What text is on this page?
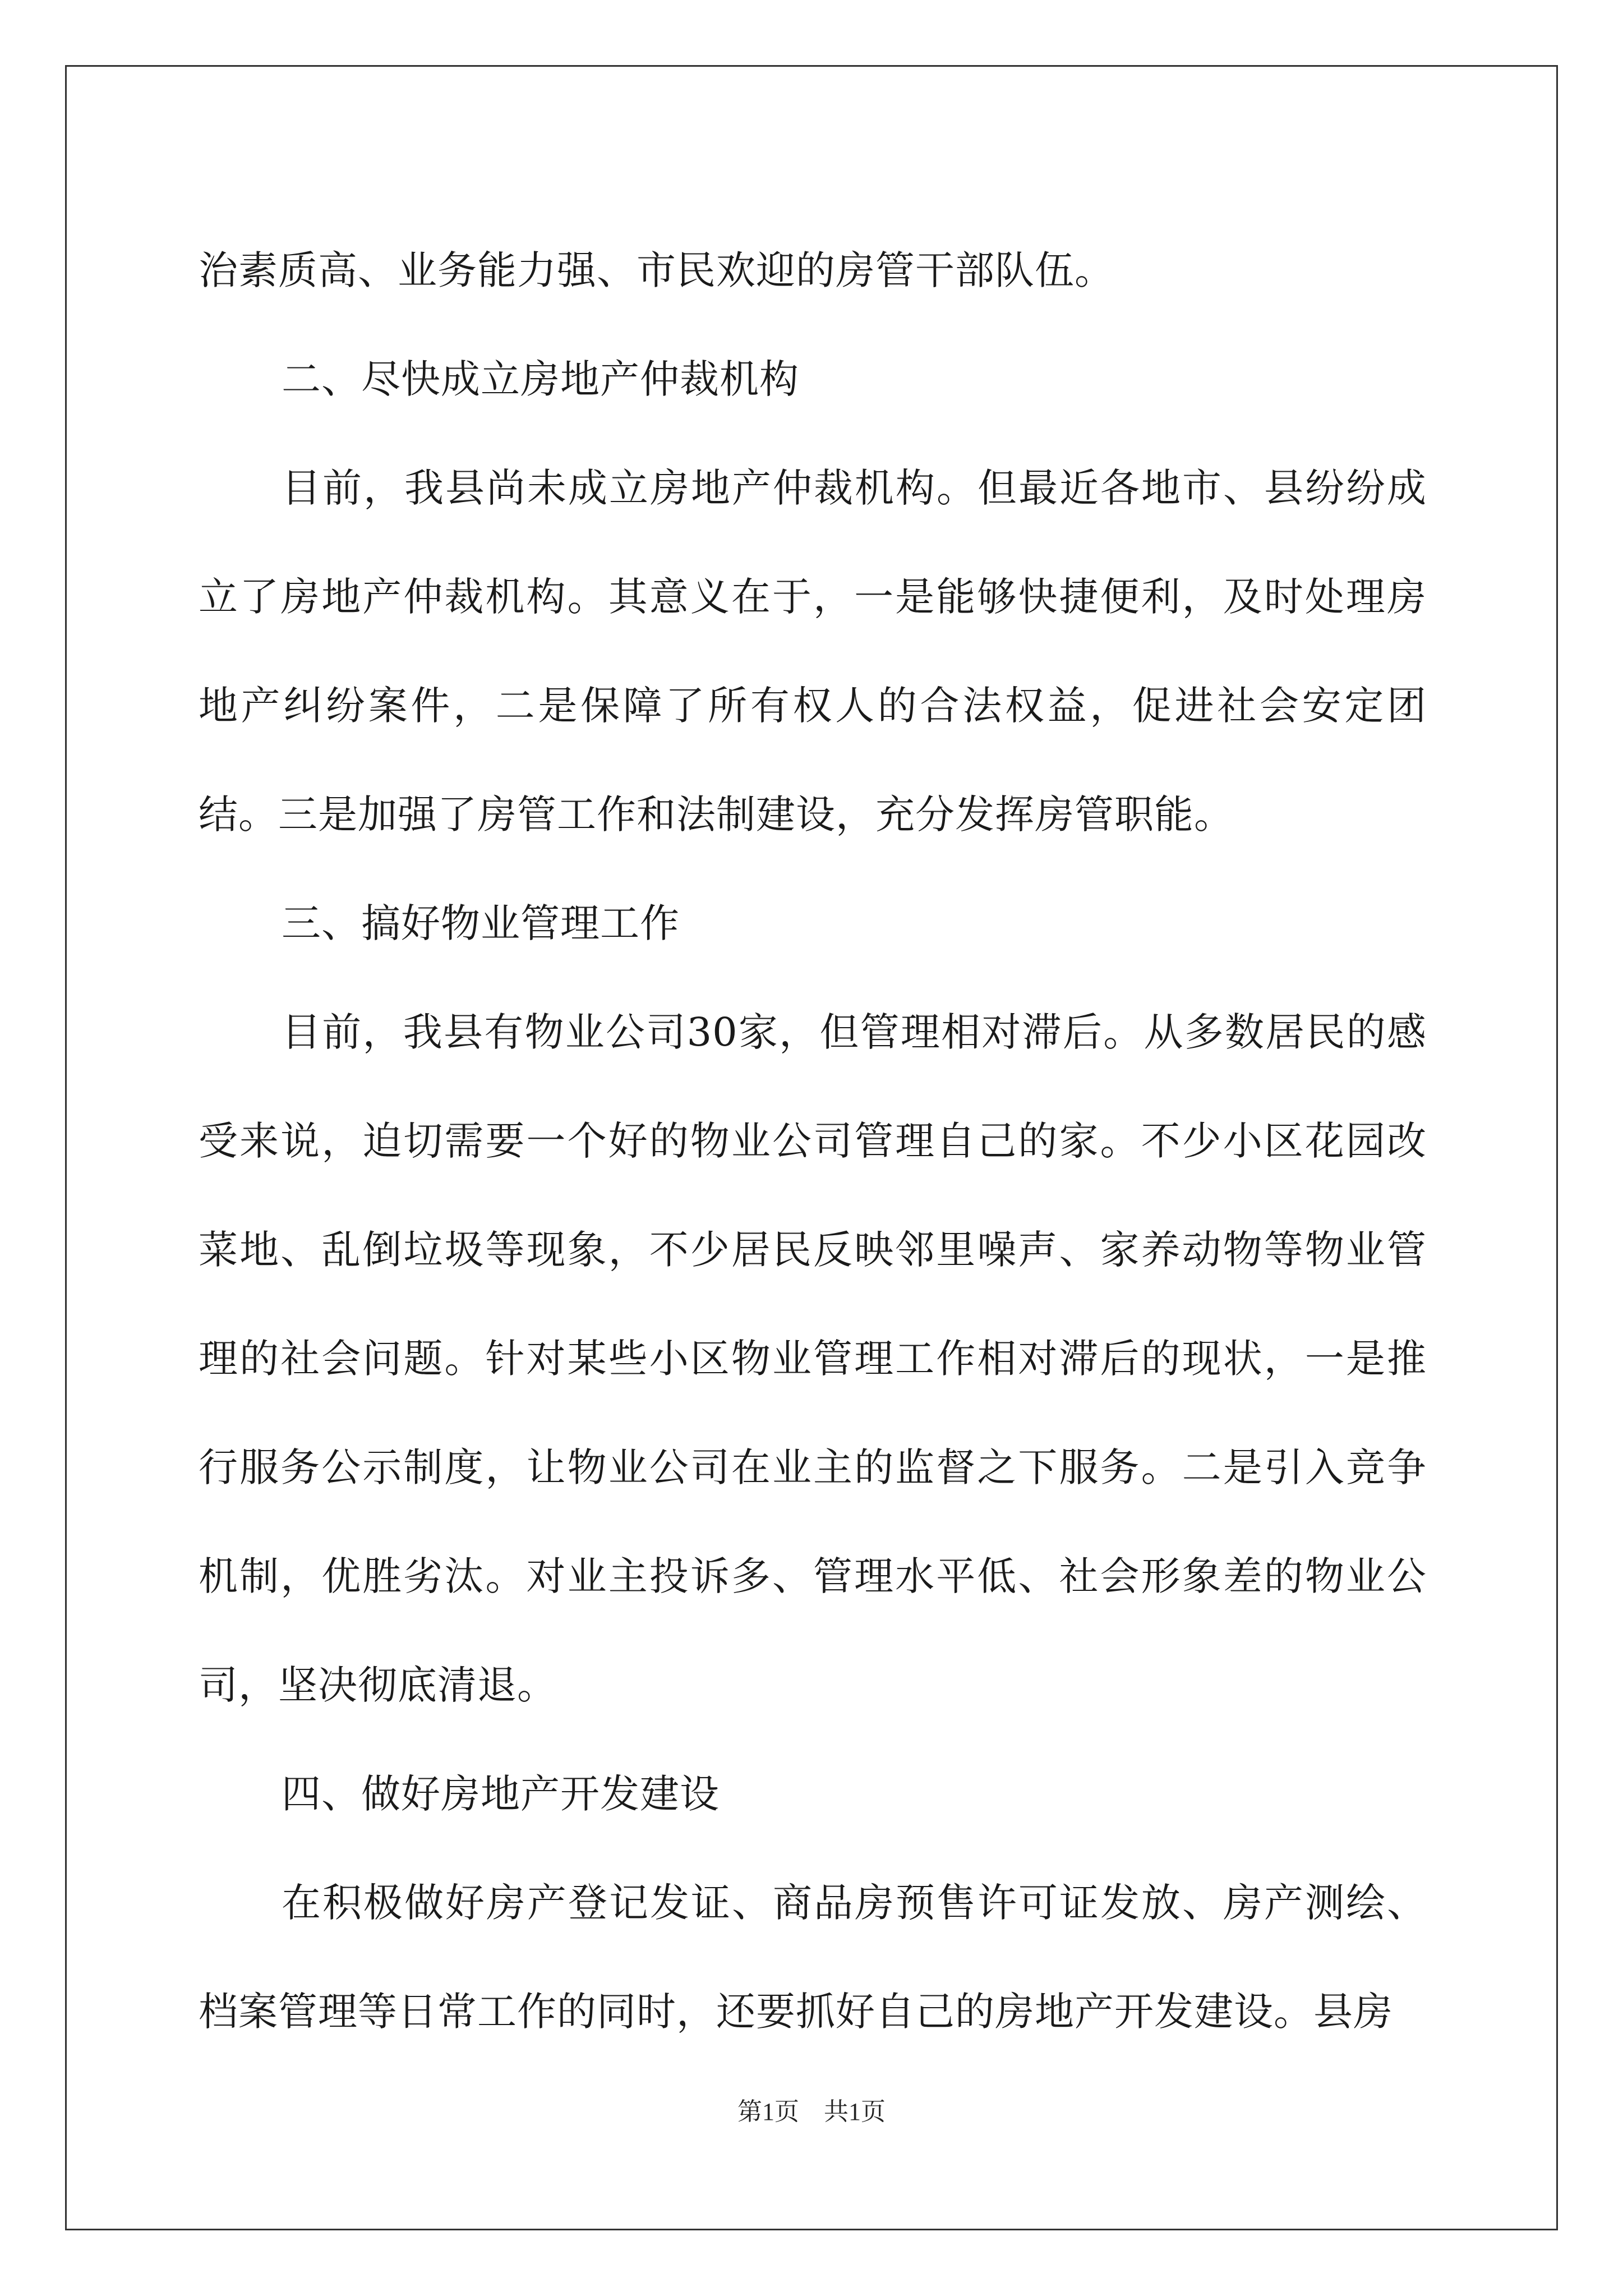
治素质高、业务能力强、市民欢迎的房管干部队伍。

二、尽快成立房地产仲裁机构

目前，我县尚未成立房地产仲裁机构。但最近各地市、县纷纷成立了房地产仲裁机构。其意义在于，一是能够快捷便利，及时处理房地产纠纷案件，二是保障了所有权人的合法权益，促进社会安定团结。三是加强了房管工作和法制建设，充分发挥房管职能。

三、搞好物业管理工作

目前，我县有物业公司30家，但管理相对滞后。从多数居民的感受来说，迫切需要一个好的物业公司管理自己的家。不少小区花园改菜地、乱倒垃圾等现象，不少居民反映邻里噪声、家养动物等物业管理的社会问题。针对某些小区物业管理工作相对滞后的现状，一是推行服务公示制度，让物业公司在业主的监督之下服务。二是引入竞争机制，优胜劣汰。对业主投诉多、管理水平低、社会形象差的物业公司，坚决彻底清退。

四、做好房地产开发建设

在积极做好房产登记发证、商品房预售许可证发放、房产测绘、档案管理等日常工作的同时，还要抓好自己的房地产开发建设。县房

第1页　共1页
